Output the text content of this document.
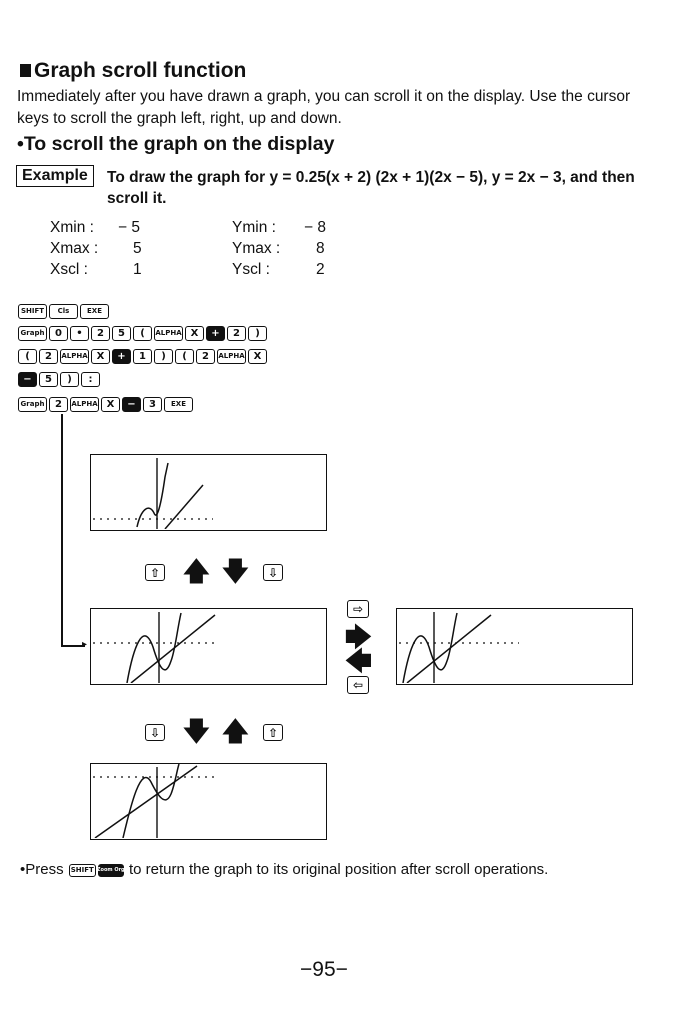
Graph scroll function
Immediately after you have drawn a graph, you can scroll it on the display. Use the cursor keys to scroll the graph left, right, up and down.
•To scroll the graph on the display
Example	To draw the graph for y = 0.25(x + 2) (2x + 1)(2x − 5), y = 2x − 3, and then scroll it.
Xmin : − 5
Xmax : 5
Xscl :	1
Ymin : − 8
Ymax : 8
Yscl :	2
SHIFT	Cls	EXE
Graph	0	•	2	5	(	ALPHA X	+	2	)
(	2	ALPHA X	+	1	)	(	2	ALPHA X
−	5	)	:
Graph	2	ALPHA X	−	3	EXE
▸
⇧ 🡅 🡇	⇩
⇨
🡆
🡄
⇦
⇩ 🡇 🡅	⇧
•Press SHIFT Zoom Org to return the graph to its original position after scroll operations.
−95−
